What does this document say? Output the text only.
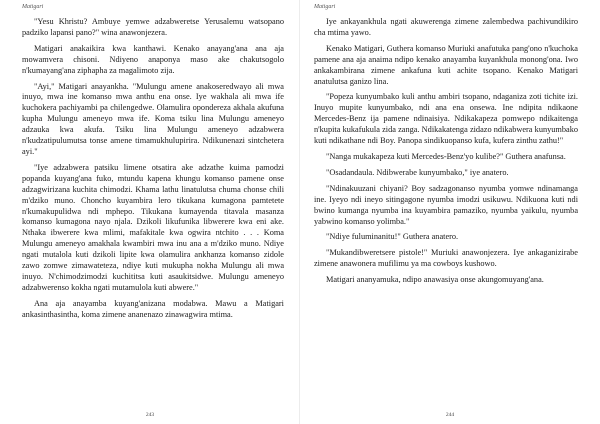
Matigari

"Yesu Khristu? Ambuye yemwe adzabweretse Yerusalemu watsopano padziko lapansi pano?" wina anawonjezera.

Matigari anakaikira kwa kanthawi. Kenako anayang'ana ana aja mowamvera chisoni. Ndiyeno anaponya maso ake chakutsogolo n'kumayang'ana ziphapha za magalimoto zija.

"Ayi," Matigari anayankha. "Mulungu amene anakoseredwayo ali mwa inuyo, mwa ine komanso mwa anthu ena onse. Iye wakhala ali mwa ife kuchokera pachiyambi pa chilengedwe. Olamulira opondereza akhala akufuna kupha Mulungu ameneyo mwa ife. Koma tsiku lina Mulungu ameneyo adzauka kwa akufa. Tsiku lina Mulungu ameneyo adzabwera n'kudzatipulumutsa tonse amene timamukhulupirira. Ndikunenazi sintchetera ayi."

"Iye adzabwera patsiku limene otsatira ake adzathe kuima pamodzi popanda kuyang'ana fuko, mtundu kapena khungu komanso pamene onse adzagwirizana kuchita chimodzi. Khama lathu linatulutsa chuma chonse chili m'dziko muno. Choncho kuyambira lero tikukana kumagona pamtetete n'kumakupulidwa ndi mphepo. Tikukana kumayenda titavala masanza komanso kumagona nayo njala. Dzikoli likufunika libwerere kwa eni ake. Nthaka ibwerere kwa mlimi, mafakitale kwa ogwira ntchito . . . Koma Mulungu ameneyo amakhala kwambiri mwa inu ana a m'dziko muno. Ndiye ngati mutalola kuti dzikoli lipite kwa olamulira ankhanza komanso zidole zawo zomwe zimawateteza, ndiye kuti mukupha nokha Mulungu ali mwa inuyo. N'chimodzimodzi kuchititsa kuti asaukitsidwe. Mulungu ameneyo adzabwerenso kokha ngati mutamulola kuti abwere."

Ana aja anayamba kuyang'anizana modabwa. Mawu a Matigari ankasinthasintha, koma zimene ananenazo zinawagwira mtima.

243
Matigari

Iye ankayankhula ngati akuwerenga zimene zalembedwa pachivundikiro cha mtima yawo.

Kenako Matigari, Guthera komanso Muriuki anafutuka pang'ono n'kuchoka pamene ana aja anaima ndipo kenako anayamba kuyankhula monong'ona. Iwo ankakambirana zimene ankafuna kuti achite tsopano. Kenako Matigari anatulutsa ganizo lina.

"Popeza kunyumbako kuli anthu ambiri tsopano, ndaganiza zoti tichite izi. Inuyo mupite kunyumbako, ndi ana ena onsewa. Ine ndipita ndikaone Mercedes-Benz ija pamene ndinaisiya. Ndikakapeza pomwepo ndikaitenga n'kupita kukafukula zida zanga. Ndikakatenga zidazo ndikabwera kunyumbako kuti ndikathane ndi Boy. Panopa sindikuopanso kufa, kufera zinthu zathu!"

"Nanga mukakapeza kuti Mercedes-Benz'yo kulibe?" Guthera anafunsa.

"Osadandaula. Ndibwerabe kunyumbako," iye anatero.

"Ndinakuuzani chiyani? Boy sadzagonanso nyumba yomwe ndinamanga ine. Iyeyo ndi ineyo sitingagone nyumba imodzi usikuwu. Ndikuona kuti ndi bwino kumanga nyumba ina kuyambira pamaziko, nyumba yaikulu, nyumba yabwino komanso yolimba."

"Ndiye fuluminanitu!" Guthera anatero.

"Mukandibweretsere pistole!" Muriuki anawonjezera. Iye ankaganizirabe zimene anawonera mufilimu ya ma cowboys kushowo.

Matigari ananyamuka, ndipo anawasiya onse akungomuyang'ana.

244
